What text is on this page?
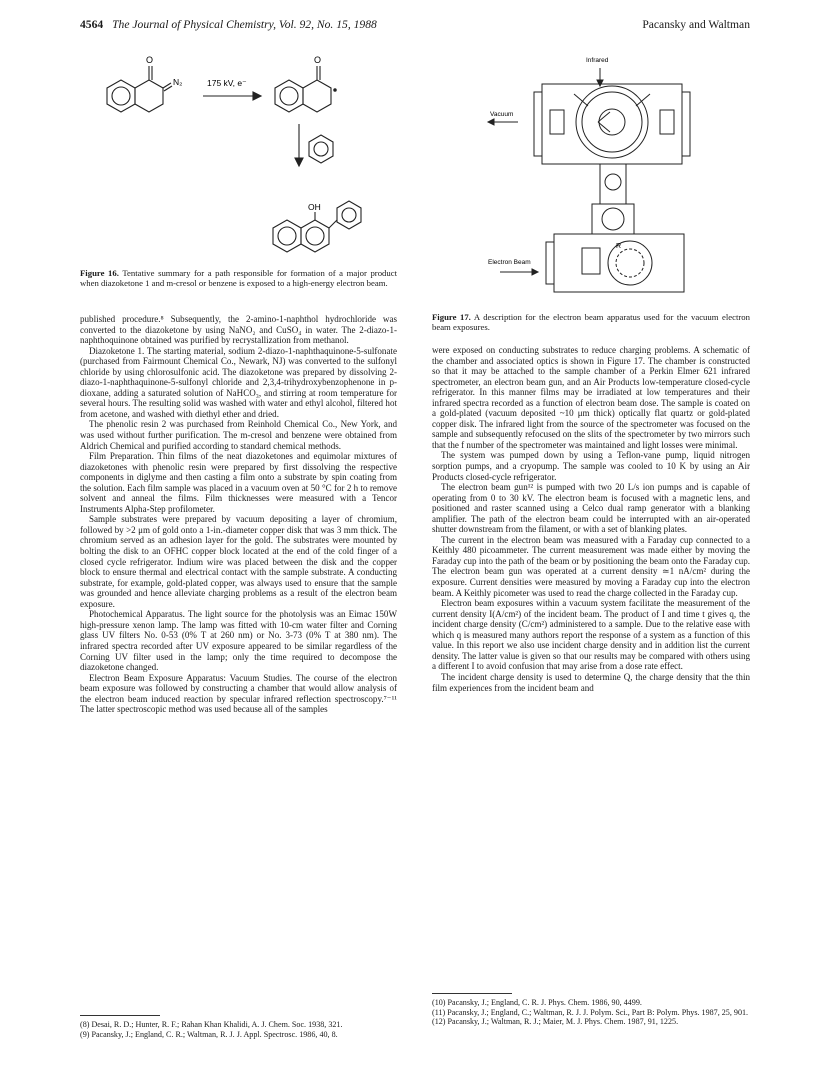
4564 The Journal of Physical Chemistry, Vol. 92, No. 15, 1988	Pacansky and Waltman
O
N₂	175 kV, e⁻
O
OH
Figure 16. Tentative summary for a path responsible for formation of a major product when diazoketone 1 and m-cresol or benzene is exposed to a high-energy electron beam.
Infrared
Vacuum
Electron Beam
R
Figure 17. A description for the electron beam apparatus used for the vacuum electron beam exposures.

published procedure.⁸ Subsequently, the 2-amino-1-naphthol hydrochloride was converted to the diazoketone by using NaNO₂ and CuSO₄ in water. The 2-diazo-1-naphthoquinone obtained was purified by recrystallization from methanol.

Diazoketone 1. The starting material, sodium 2-diazo-1-naphthaquinone-5-sulfonate (purchased from Fairmount Chemical Co., Newark, NJ) was converted to the sulfonyl chloride by using chlorosulfonic acid. The diazoketone was prepared by dissolving 2-diazo-1-naphthaquinone-5-sulfonyl chloride and 2,3,4-trihydroxybenzophenone in p-dioxane, adding a saturated solution of NaHCO₃, and stirring at room temperature for several hours. The resulting solid was washed with water and ethyl alcohol, filtered hot from acetone, and washed with diethyl ether and dried.

The phenolic resin 2 was purchased from Reinhold Chemical Co., New York, and was used without further purification. The m-cresol and benzene were obtained from Aldrich Chemical and purified according to standard chemical methods.

Film Preparation. Thin films of the neat diazoketones and equimolar mixtures of diazoketones with phenolic resin were prepared by first dissolving the respective components in diglyme and then casting a film onto a substrate by spin coating from the solution. Each film sample was placed in a vacuum oven at 50 °C for 2 h to remove solvent and anneal the films. Film thicknesses were measured with a Tencor Instruments Alpha-Step profilometer.

Sample substrates were prepared by vacuum depositing a layer of chromium, followed by >2 μm of gold onto a 1-in.-diameter copper disk that was 3 mm thick. The chromium served as an adhesion layer for the gold. The substrates were mounted by bolting the disk to an OFHC copper block located at the end of the cold finger of a closed cycle refrigerator. Indium wire was placed between the disk and the copper block to ensure thermal and electrical contact with the sample substrate. A conducting substrate, for example, gold-plated copper, was always used to ensure that the sample was grounded and hence alleviate charging problems as a result of the electron beam exposure.

Photochemical Apparatus. The light source for the photolysis was an Eimac 150W high-pressure xenon lamp. The lamp was fitted with 10-cm water filter and Corning glass UV filters No. 0-53 (0% T at 260 nm) or No. 3-73 (0% T at 380 nm). The infrared spectra recorded after UV exposure appeared to be similar regardless of the Corning UV filter used in the lamp; only the time required to decompose the diazoketone changed.

Electron Beam Exposure Apparatus: Vacuum Studies. The course of the electron beam exposure was followed by constructing a chamber that would allow analysis of the electron beam induced reaction by specular infrared reflection spectroscopy.⁷⁻¹¹ The latter spectroscopic method was used because all of the samples

were exposed on conducting substrates to reduce charging problems. A schematic of the chamber and associated optics is shown in Figure 17. The chamber is constructed so that it may be attached to the sample chamber of a Perkin Elmer 621 infrared spectrometer, an electron beam gun, and an Air Products low-temperature closed-cycle refrigerator. In this manner films may be irradiated at low temperatures and their infrared spectra recorded as a function of electron beam dose. The sample is coated on a gold-plated (vacuum deposited ~10 μm thick) optically flat quartz or gold-plated copper disk. The infrared light from the source of the spectrometer was focused on the sample and subsequently refocused on the slits of the spectrometer by two mirrors such that the f number of the spectrometer was maintained and light losses were minimal.

The system was pumped down by using a Teflon-vane pump, liquid nitrogen sorption pumps, and a cryopump. The sample was cooled to 10 K by using an Air Products closed-cycle refrigerator.

The electron beam gun¹² is pumped with two 20 L/s ion pumps and is capable of operating from 0 to 30 kV. The electron beam is focused with a magnetic lens, and positioned and raster scanned using a Celco dual ramp generator with a blanking amplifier. The path of the electron beam could be interrupted with an air-operated shutter downstream from the filament, or with a set of blanking plates.

The current in the electron beam was measured with a Faraday cup connected to a Keithly 480 picoammeter. The current measurement was made either by moving the Faraday cup into the path of the beam or by positioning the beam onto the Faraday cup. The electron beam gun was operated at a current density ≃1 nA/cm² during the exposure. Current densities were measured by moving a Faraday cup into the electron beam. A Keithly picometer was used to read the charge collected in the Faraday cup.

Electron beam exposures within a vacuum system facilitate the measurement of the current density I(A/cm²) of the incident beam. The product of I and time t gives q, the incident charge density (C/cm²) administered to a sample. Due to the relative ease with which q is measured many authors report the response of a system as a function of this value. In this report we also use incident charge density and in addition list the current density. The latter value is given so that our results may be compared with others using a different I to avoid confusion that may arise from a dose rate effect.

The incident charge density is used to determine Q, the charge density that the thin film experiences from the incident beam and

(8) Desai, R. D.; Hunter, R. F.; Rahan Khan Khalidi, A. J. Chem. Soc. 1938, 321.

(9) Pacansky, J.; England, C. R.; Waltman, R. J. J. Appl. Spectrosc. 1986, 40, 8.

(10) Pacansky, J.; England, C. R. J. Phys. Chem. 1986, 90, 4499.

(11) Pacansky, J.; England, C.; Waltman, R. J. J. Polym. Sci., Part B: Polym. Phys. 1987, 25, 901.

(12) Pacansky, J.; Waltman, R. J.; Maier, M. J. Phys. Chem. 1987, 91, 1225.
